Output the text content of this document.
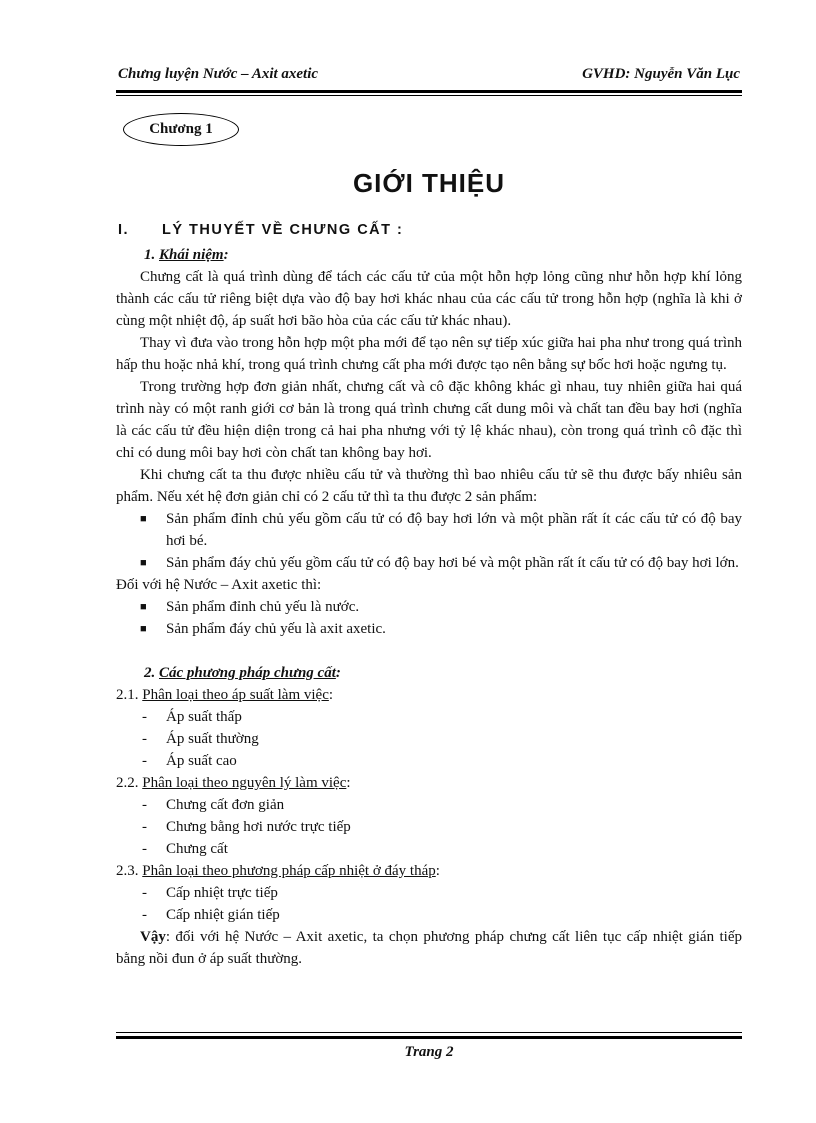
Chưng luyện Nước – Axit axetic	GVHD: Nguyễn Văn Lục
Chương 1
GIỚI THIỆU
I. LÝ THUYẾT VỀ CHƯNG CẤT :
1. Khái niệm:

Chưng cất là quá trình dùng để tách các cấu tử của một hỗn hợp lỏng cũng như hỗn hợp khí lỏng thành các cấu tử riêng biệt dựa vào độ bay hơi khác nhau của các cấu tử trong hỗn hợp (nghĩa là khi ở cùng một nhiệt độ, áp suất hơi bão hòa của các cấu tử khác nhau).

Thay vì đưa vào trong hỗn hợp một pha mới để tạo nên sự tiếp xúc giữa hai pha như trong quá trình hấp thu hoặc nhả khí, trong quá trình chưng cất pha mới được tạo nên bằng sự bốc hơi hoặc ngưng tụ.

Trong trường hợp đơn giản nhất, chưng cất và cô đặc không khác gì nhau, tuy nhiên giữa hai quá trình này có một ranh giới cơ bản là trong quá trình chưng cất dung môi và chất tan đều bay hơi (nghĩa là các cấu tử đều hiện diện trong cả hai pha nhưng với tỷ lệ khác nhau), còn trong quá trình cô đặc thì chỉ có dung môi bay hơi còn chất tan không bay hơi.

Khi chưng cất ta thu được nhiều cấu tử và thường thì bao nhiêu cấu tử sẽ thu được bấy nhiêu sản phẩm. Nếu xét hệ đơn giản chỉ có 2 cấu tử thì ta thu được 2 sản phẩm:

■ Sản phẩm đỉnh chủ yếu gồm cấu tử có độ bay hơi lớn và một phần rất ít các cấu tử có độ bay hơi bé.
■ Sản phẩm đáy chủ yếu gồm cấu tử có độ bay hơi bé và một phần rất ít cấu tử có độ bay hơi lớn.

Đối với hệ Nước – Axit axetic thì:

■ Sản phẩm đỉnh chủ yếu là nước.
■ Sản phẩm đáy chủ yếu là axit axetic.
2. Các phương pháp chưng cất:
2.1. Phân loại theo áp suất làm việc:
- Áp suất thấp
- Áp suất thường
- Áp suất cao
2.2. Phân loại theo nguyên lý làm việc:
- Chưng cất đơn giản
- Chưng bằng hơi nước trực tiếp
- Chưng cất
2.3. Phân loại theo phương pháp cấp nhiệt ở đáy tháp:
- Cấp nhiệt trực tiếp
- Cấp nhiệt gián tiếp

Vậy: đối với hệ Nước – Axit axetic, ta chọn phương pháp chưng cất liên tục cấp nhiệt gián tiếp bằng nồi đun ở áp suất thường.

Trang 2
